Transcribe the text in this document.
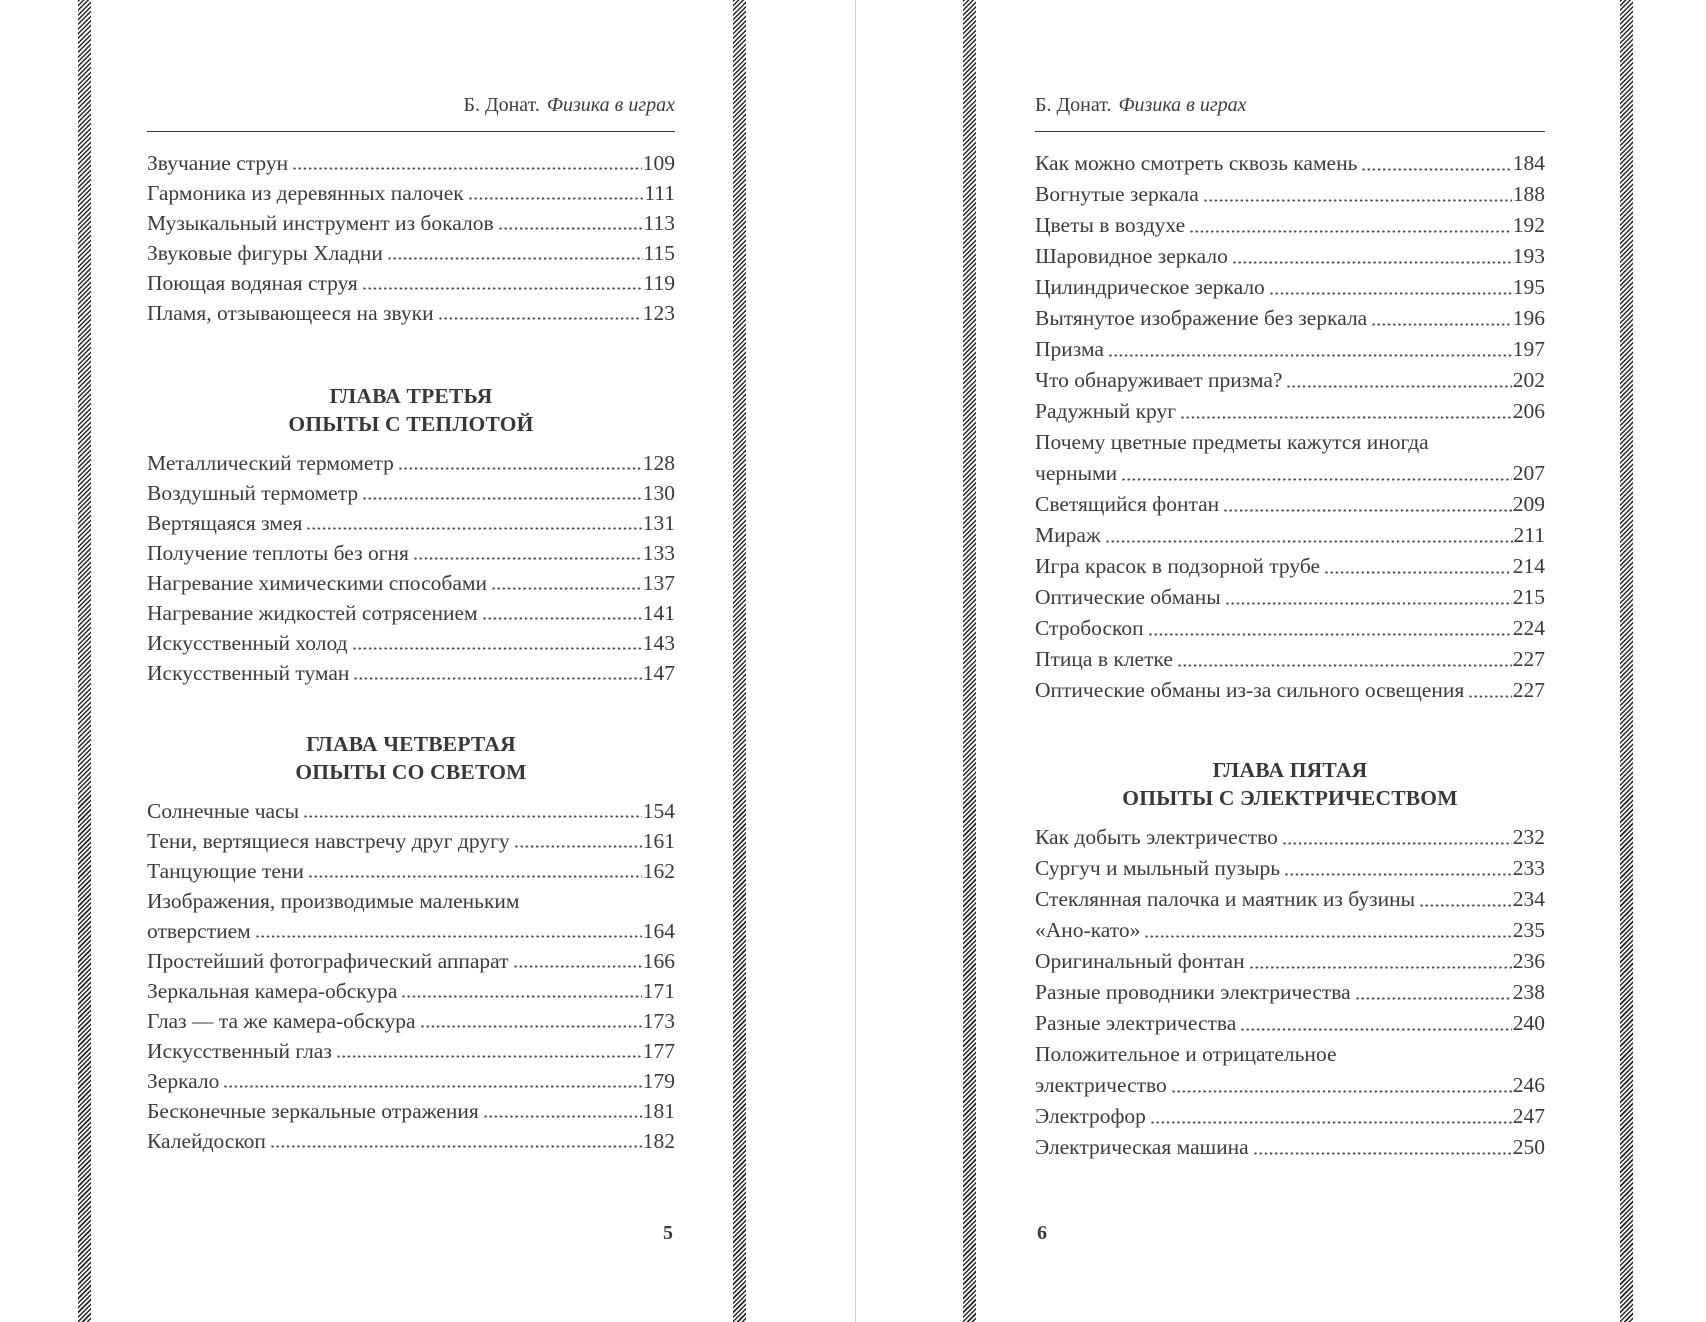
Б. Донат. Физика в играх
Звучание струн	109
Гармоника из деревянных палочек	111
Музыкальный инструмент из бокалов	113
Звуковые фигуры Хладни	115
Поющая водяная струя	119
Пламя, отзывающееся на звуки	123
ГЛАВА ТРЕТЬЯ
ОПЫТЫ С ТЕПЛОТОЙ
Металлический термометр	128
Воздушный термометр	130
Вертящаяся змея	131
Получение теплоты без огня	133
Нагревание химическими способами	137
Нагревание жидкостей сотрясением	141
Искусственный холод	143
Искусственный туман	147
ГЛАВА ЧЕТВЕРТАЯ
ОПЫТЫ СО СВЕТОМ
Солнечные часы	154
Тени, вертящиеся навстречу друг другу	161
Танцующие тени	162
Изображения, производимые маленьким
отверстием	164
Простейший фотографический аппарат	166
Зеркальная камера-обскура	171
Глаз — та же камера-обскура	173
Искусственный глаз	177
Зеркало	179
Бесконечные зеркальные отражения	181
Калейдоскоп	182
5
Б. Донат. Физика в играх
Как можно смотреть сквозь камень	184
Вогнутые зеркала	188
Цветы в воздухе	192
Шаровидное зеркало	193
Цилиндрическое зеркало	195
Вытянутое изображение без зеркала	196
Призма	197
Что обнаруживает призма?	202
Радужный круг	206
Почему цветные предметы кажутся иногда
черными	207
Светящийся фонтан	209
Мираж	211
Игра красок в подзорной трубе	214
Оптические обманы	215
Стробоскоп	224
Птица в клетке	227
Оптические обманы из-за сильного освещения 227
ГЛАВА ПЯТАЯ
ОПЫТЫ С ЭЛЕКТРИЧЕСТВОМ
Как добыть электричество	232
Сургуч и мыльный пузырь	233
Стеклянная палочка и маятник из бузины	234
«Ано-като»	235
Оригинальный фонтан	236
Разные проводники электричества	238
Разные электричества	240
Положительное и отрицательное
электричество	246
Электрофор	247
Электрическая машина	250
6
